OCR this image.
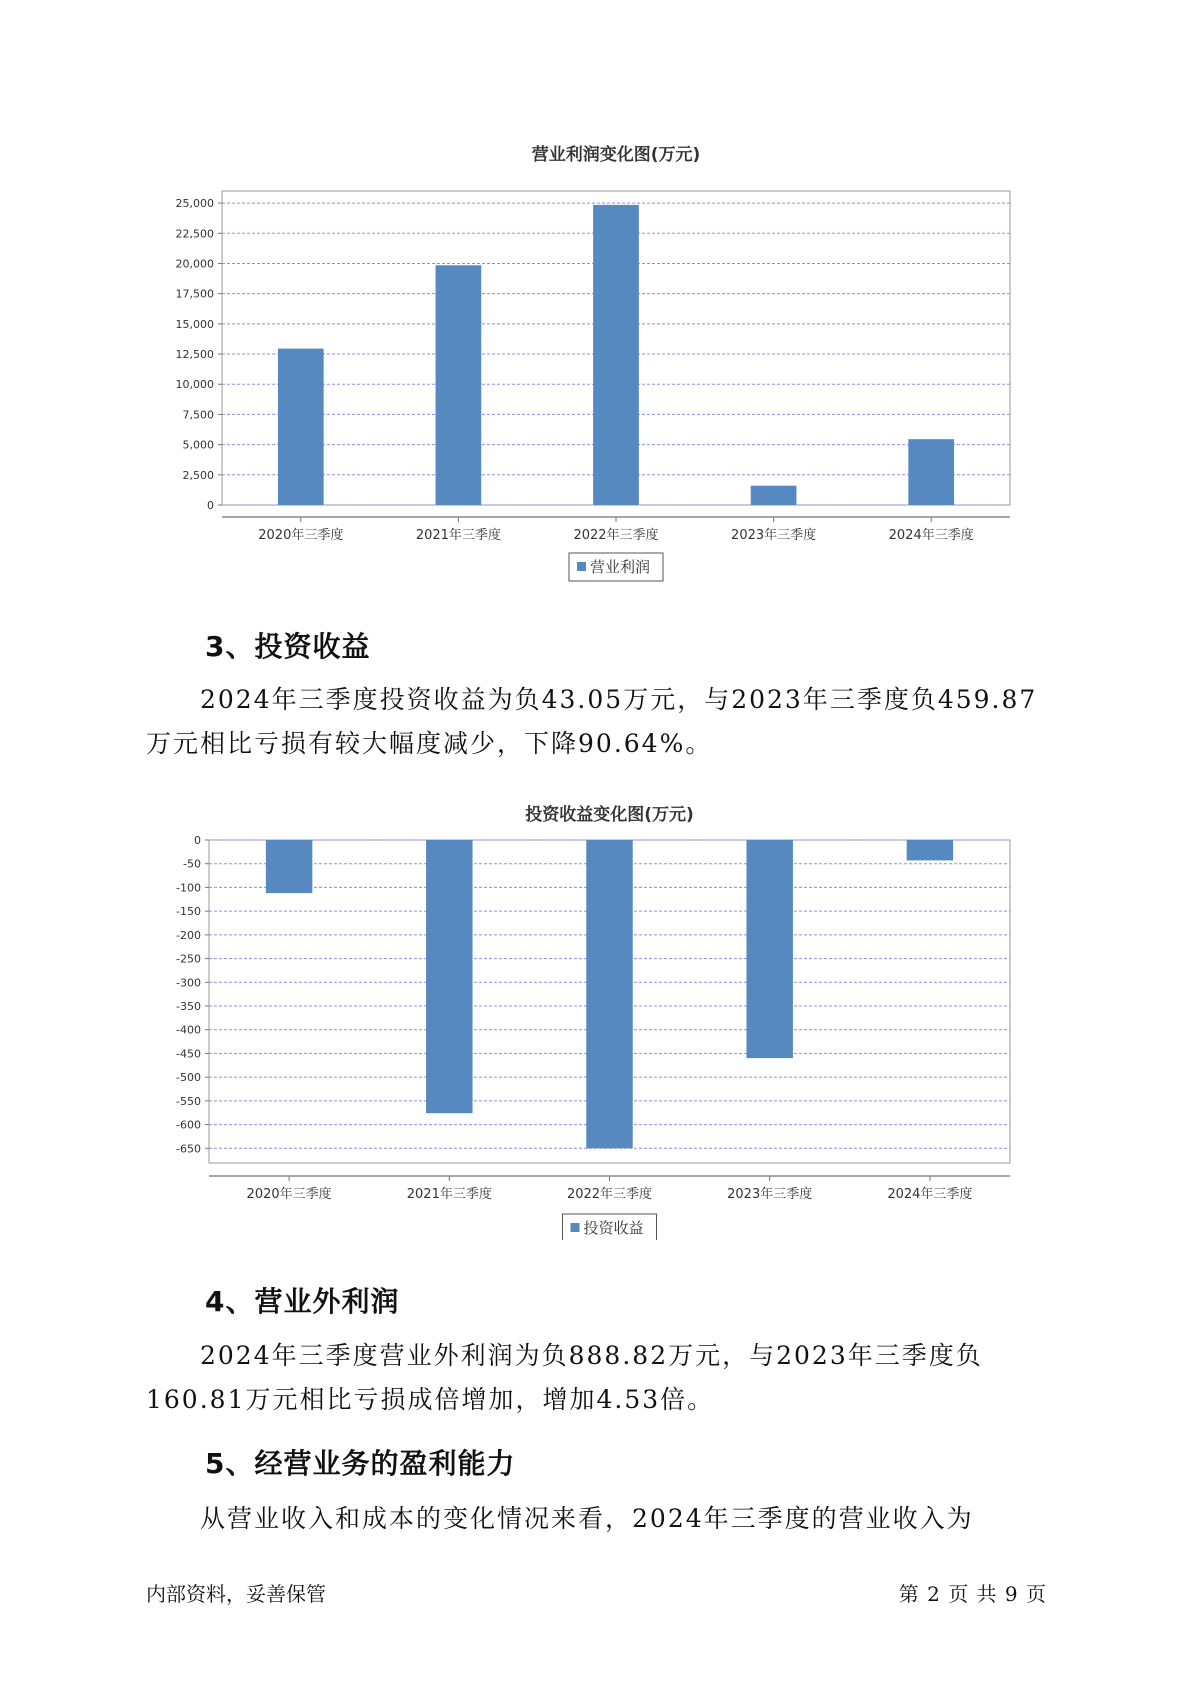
营业利润变化图(万元)
0
2,500
5,000
7,500
10,000
12,500
15,000
17,500
20,000
22,500
25,000
2020年三季度	2021年三季度	2022年三季度	2023年三季度	2024年三季度
营业利润
3、投资收益

2024年三季度投资收益为负43.05万元，与2023年三季度负459.87万元相比亏损有较大幅度减少，下降90.64%。

投资收益变化图(万元)
0
-50
-100
-150
-200
-250
-300
-350
-400
-450
-500
-550
-600
-650
2020年三季度	2021年三季度	2022年三季度	2023年三季度	2024年三季度
投资收益
4、营业外利润

2024年三季度营业外利润为负888.82万元，与2023年三季度负160.81万元相比亏损成倍增加，增加4.53倍。

5、经营业务的盈利能力

从营业收入和成本的变化情况来看，2024年三季度的营业收入为

内部资料，妥善保管	第 2 页 共 9 页
